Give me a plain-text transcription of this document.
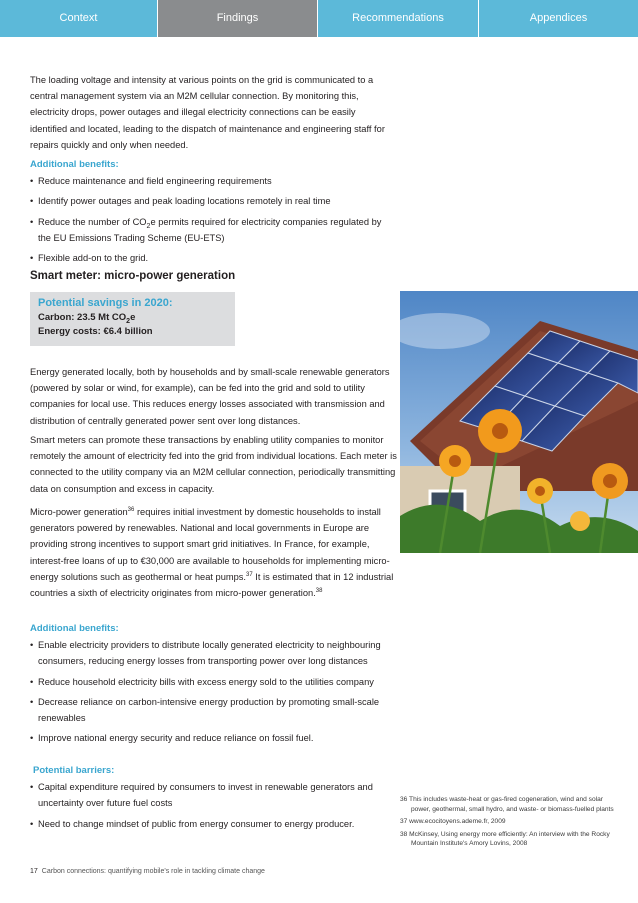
Context	Findings	Recommendations	Appendices
The loading voltage and intensity at various points on the grid is communicated to a central management system via an M2M cellular connection. By monitoring this, electricity drops, power outages and illegal electricity connections can be easily identified and located, leading to the dispatch of maintenance and engineering staff for repairs quickly and only when needed.
Additional benefits:
• Reduce maintenance and field engineering requirements
• Identify power outages and peak loading locations remotely in real time
• Reduce the number of $CO_2e$ permits required for electricity companies regulated by the EU Emissions Trading Scheme (EU-ETS)
• Flexible add-on to the grid.
Smart meter: micro-power generation
Potential savings in 2020:
Carbon: 23.5 Mt $CO_2e$
Energy costs: €6.4 billion
Energy generated locally, both by households and by small-scale renewable generators (powered by solar or wind, for example), can be fed into the grid and sold to utility companies for local use. This reduces energy losses associated with transmission and distribution of centrally generated power sent over long distances.
Smart meters can promote these transactions by enabling utility companies to monitor remotely the amount of electricity fed into the grid from individual locations. Each meter is connected to the utility company via an M2M cellular connection, periodically transmitting data on consumption and excess in capacity.
Micro-power generation$^{36}$ requires initial investment by domestic households to install generators powered by renewables. National and local governments in Europe are providing strong incentives to support smart grid initiatives. In France, for example, interest-free loans of up to €30,000 are available to households for implementing micro-energy solutions such as geothermal or heat pumps.$^{37}$ It is estimated that in 12 industrial countries a sixth of electricity originates from micro-power generation.$^{38}$
Additional benefits:
• Enable electricity providers to distribute locally generated electricity to neighbouring consumers, reducing energy losses from transporting power over long distances
• Reduce household electricity bills with excess energy sold to the utilities company
• Decrease reliance on carbon-intensive energy production by promoting small-scale renewables
• Improve national energy security and reduce reliance on fossil fuel.
Potential barriers:
• Capital expenditure required by consumers to invest in renewable generators and uncertainty over future fuel costs
• Need to change mindset of public from energy consumer to energy producer.
36 This includes waste-heat or gas-fired cogeneration, wind and solar power, geothermal, small hydro, and waste- or biomass-fuelled plants
37 www.ecocitoyens.ademe.fr, 2009
38 McKinsey, Using energy more efficiently: An interview with the Rocky Mountain Institute's Amory Lovins, 2008
17 Carbon connections: quantifying mobile's role in tackling climate change
